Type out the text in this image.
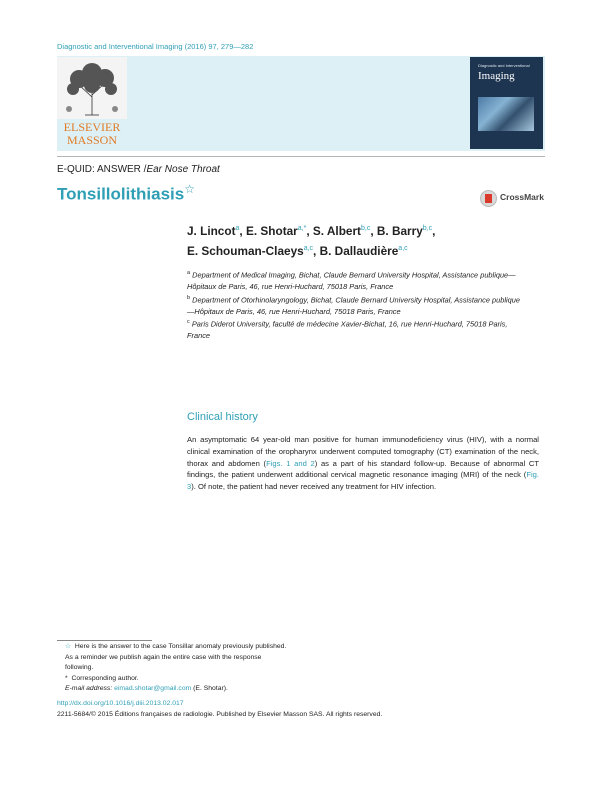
Diagnostic and Interventional Imaging (2016) 97, 279—282
ELSEVIER
MASSON
Diagnostic and Interventional
Imaging
E-QUID: ANSWER /Ear Nose Throat
Tonsillolithiasis☆
CrossMark
J. Lincot$^a$, E. Shotar$^{a,*}$, S. Albert$^{b,c}$, B. Barry$^{b,c}$,
E. Schouman-Claeys$^{a,c}$, B. Dallaudière$^{a,c}$

$^a$ Department of Medical Imaging, Bichat, Claude Bernard University Hospital, Assistance publique—Hôpitaux de Paris, 46, rue Henri-Huchard, 75018 Paris, France

$^b$ Department of Otorhinolaryngology, Bichat, Claude Bernard University Hospital, Assistance publique—Hôpitaux de Paris, 46, rue Henri-Huchard, 75018 Paris, France

$^c$ Paris Diderot University, faculté de médecine Xavier-Bichat, 16, rue Henri-Huchard, 75018 Paris, France

Clinical history
An asymptomatic 64 year-old man positive for human immunodeficiency virus (HIV), with a normal clinical examination of the oropharynx underwent computed tomography (CT) examination of the neck, thorax and abdomen (Figs. 1 and 2) as a part of his standard follow-up. Because of abnormal CT findings, the patient underwent additional cervical magnetic resonance imaging (MRI) of the neck (Fig. 3). Of note, the patient had never received any treatment for HIV infection.

☆ Here is the answer to the case Tonsillar anomaly previously published. As a reminder we publish again the entire case with the response following.

* Corresponding author.

E-mail address: eimad.shotar@gmail.com (E. Shotar).

http://dx.doi.org/10.1016/j.diii.2013.02.017
2211-5684/© 2015 Éditions françaises de radiologie. Published by Elsevier Masson SAS. All rights reserved.
